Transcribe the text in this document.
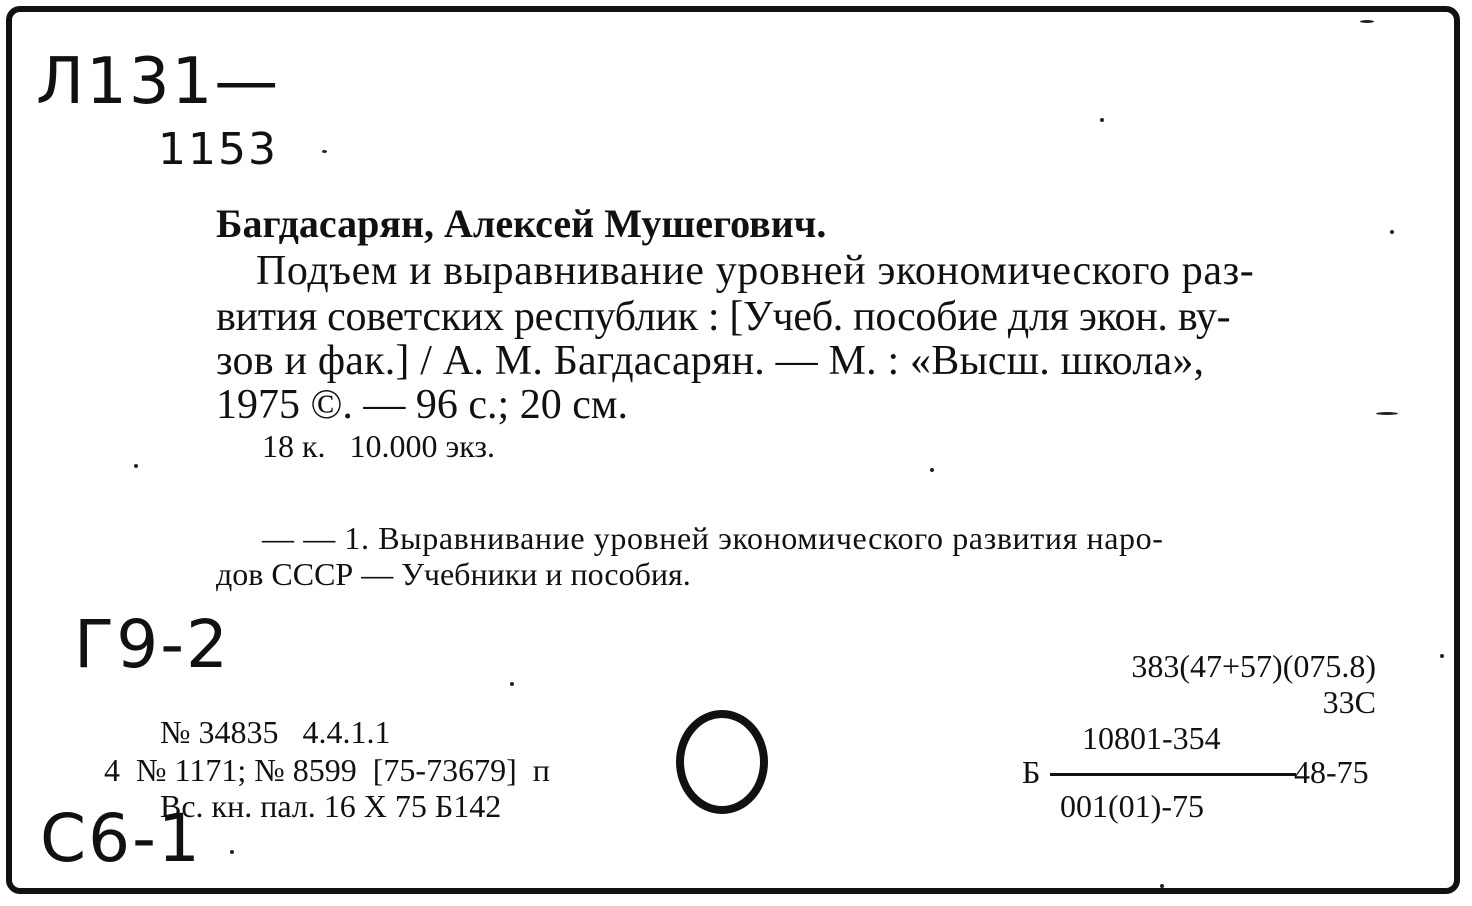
Л131—
1153
Г9-2
С6-1
Багдасарян, Алексей Мушегович.
Подъем и выравнивание уровней экономического раз-
вития советских республик : [Учеб. пособие для экон. ву-
зов и фак.] / А. М. Багдасарян. — М. : «Высш. школа»,
1975 ©. — 96 с.; 20 см.
18 к.   10.000 экз.
— — 1. Выравнивание уровней экономического развития наро-
дов СССР — Учебники и пособия.
№ 34835   4.4.1.1
4  № 1171; № 8599  [75-73679]  п
Вс. кн. пал. 16 X 75 Б142
383(47+57)(075.8)
33С
10801-354
Б	48-75
001(01)-75
